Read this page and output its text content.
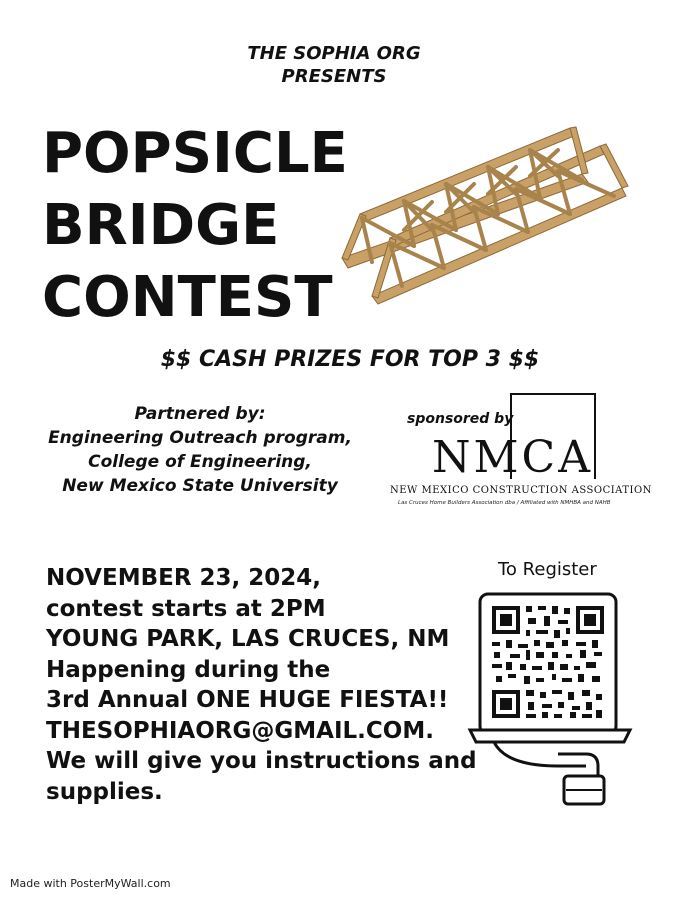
THE SOPHIA ORG
PRESENTS
POPSICLE
BRIDGE
CONTEST
$$ CASH PRIZES FOR TOP 3 $$
Partnered by:
Engineering Outreach program,
College of Engineering,
New Mexico State University
sponsored by
NMCA
NEW MEXICO CONSTRUCTION ASSOCIATION
Las Cruces Home Builders Association dba / Affiliated with NMHBA and NAHB
NOVEMBER 23, 2024,
contest starts at 2PM
YOUNG PARK, LAS CRUCES, NM
Happening during the
3rd Annual ONE HUGE FIESTA!!
THESOPHIAORG@GMAIL.COM.
We will give you instructions and
supplies.
To Register
Made with PosterMyWall.com
